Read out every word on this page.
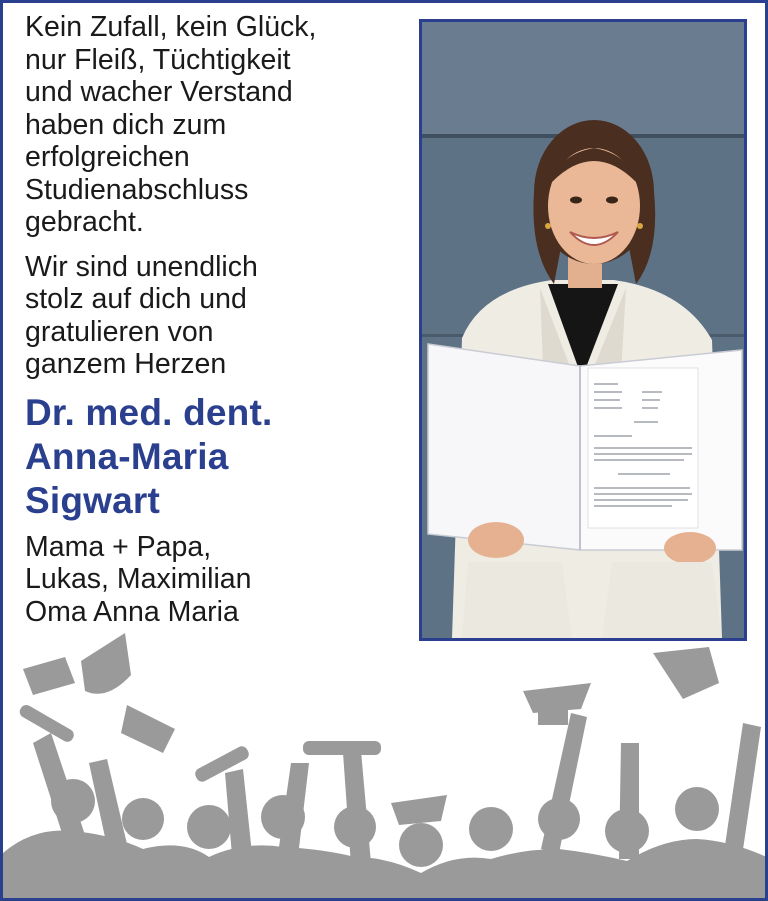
Kein Zufall, kein Glück,
nur Fleiß, Tüchtigkeit
und wacher Verstand
haben dich zum
erfolgreichen
Studienabschluss
gebracht.

Wir sind unendlich
stolz auf dich und
gratulieren von
ganzem Herzen

Dr. med. dent.
Anna-Maria
Sigwart

Mama + Papa,
Lukas, Maximilian
Oma Anna Maria
